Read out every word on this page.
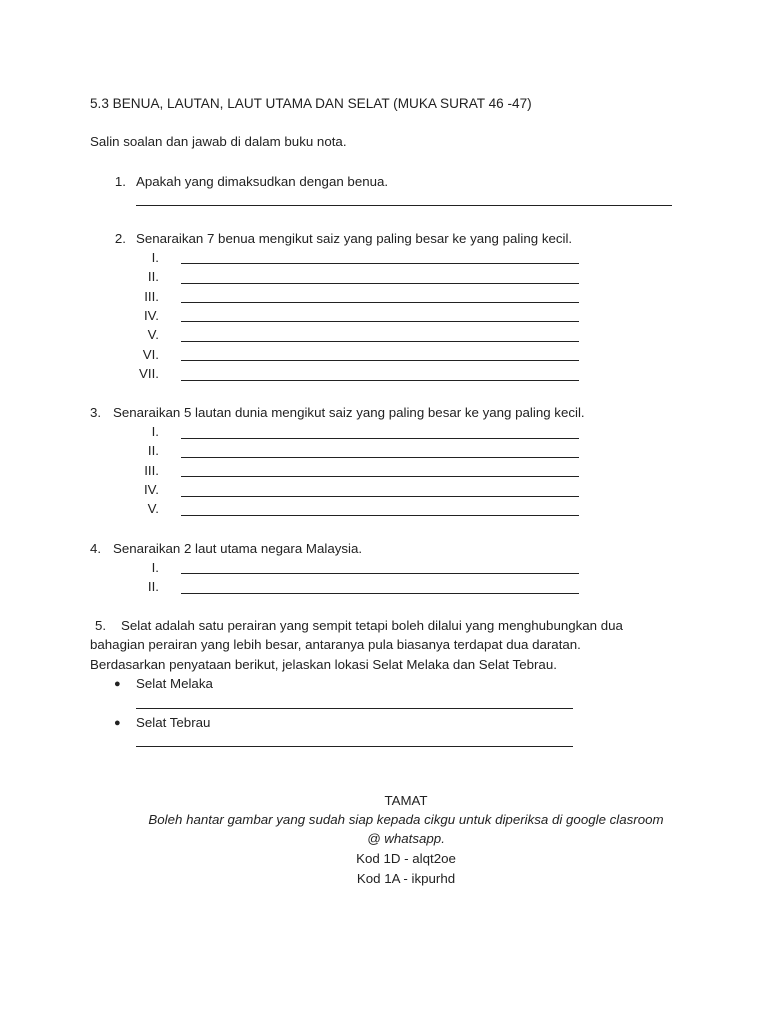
5.3 BENUA, LAUTAN, LAUT UTAMA DAN SELAT (MUKA SURAT 46 -47)
Salin soalan dan jawab di dalam buku nota.
1. Apakah yang dimaksudkan dengan benua.
2. Senaraikan 7 benua mengikut saiz yang paling besar ke yang paling kecil.
I.
II.
III.
IV.
V.
VI.
VII.
3. Senaraikan 5 lautan dunia mengikut saiz yang paling besar ke yang paling kecil.
I.
II.
III.
IV.
V.
4. Senaraikan 2 laut utama negara Malaysia.
I.
II.
5. Selat adalah satu perairan yang sempit tetapi boleh dilalui yang menghubungkan dua
bahagian perairan yang lebih besar, antaranya pula biasanya terdapat dua daratan.
Berdasarkan penyataan berikut, jelaskan lokasi Selat Melaka dan Selat Tebrau.
● Selat Melaka
● Selat Tebrau
TAMAT
Boleh hantar gambar yang sudah siap kepada cikgu untuk diperiksa di google clasroom
@ whatsapp.
Kod 1D - alqt2oe
Kod 1A - ikpurhd
